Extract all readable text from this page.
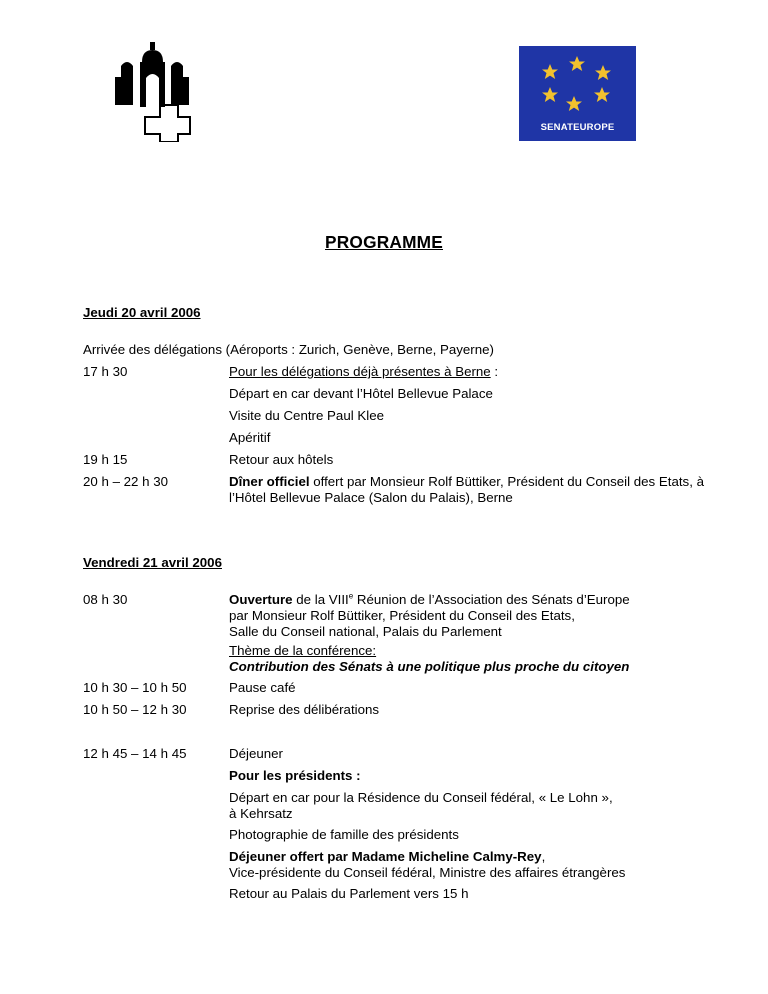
SENATEUROPE
PROGRAMME
Jeudi 20 avril 2006
Arrivée des délégations (Aéroports : Zurich, Genève, Berne, Payerne)
17 h 30	Pour les délégations déjà présentes à Berne :
Départ en car devant l’Hôtel Bellevue Palace
Visite du Centre Paul Klee
Apéritif
19 h 15	Retour aux hôtels
20 h – 22 h 30	Dîner officiel offert par Monsieur Rolf Büttiker, Président du Conseil des Etats, à l’Hôtel Bellevue Palace (Salon du Palais), Berne
Vendredi 21 avril 2006
08 h 30	Ouverture de la VIIIe Réunion de l’Association des Sénats d’Europe
par Monsieur Rolf Büttiker, Président du Conseil des Etats,
Salle du Conseil national, Palais du Parlement
Thème de la conférence:
Contribution des Sénats à une politique plus proche du citoyen
10 h 30 – 10 h 50	Pause café
10 h 50 – 12 h 30	Reprise des délibérations
12 h 45 – 14 h 45	Déjeuner
Pour les présidents :
Départ en car pour la Résidence du Conseil fédéral, « Le Lohn »,
à Kehrsatz
Photographie de famille des présidents
Déjeuner offert par Madame Micheline Calmy-Rey,
Vice-présidente du Conseil fédéral, Ministre des affaires étrangères
Retour au Palais du Parlement vers 15 h
